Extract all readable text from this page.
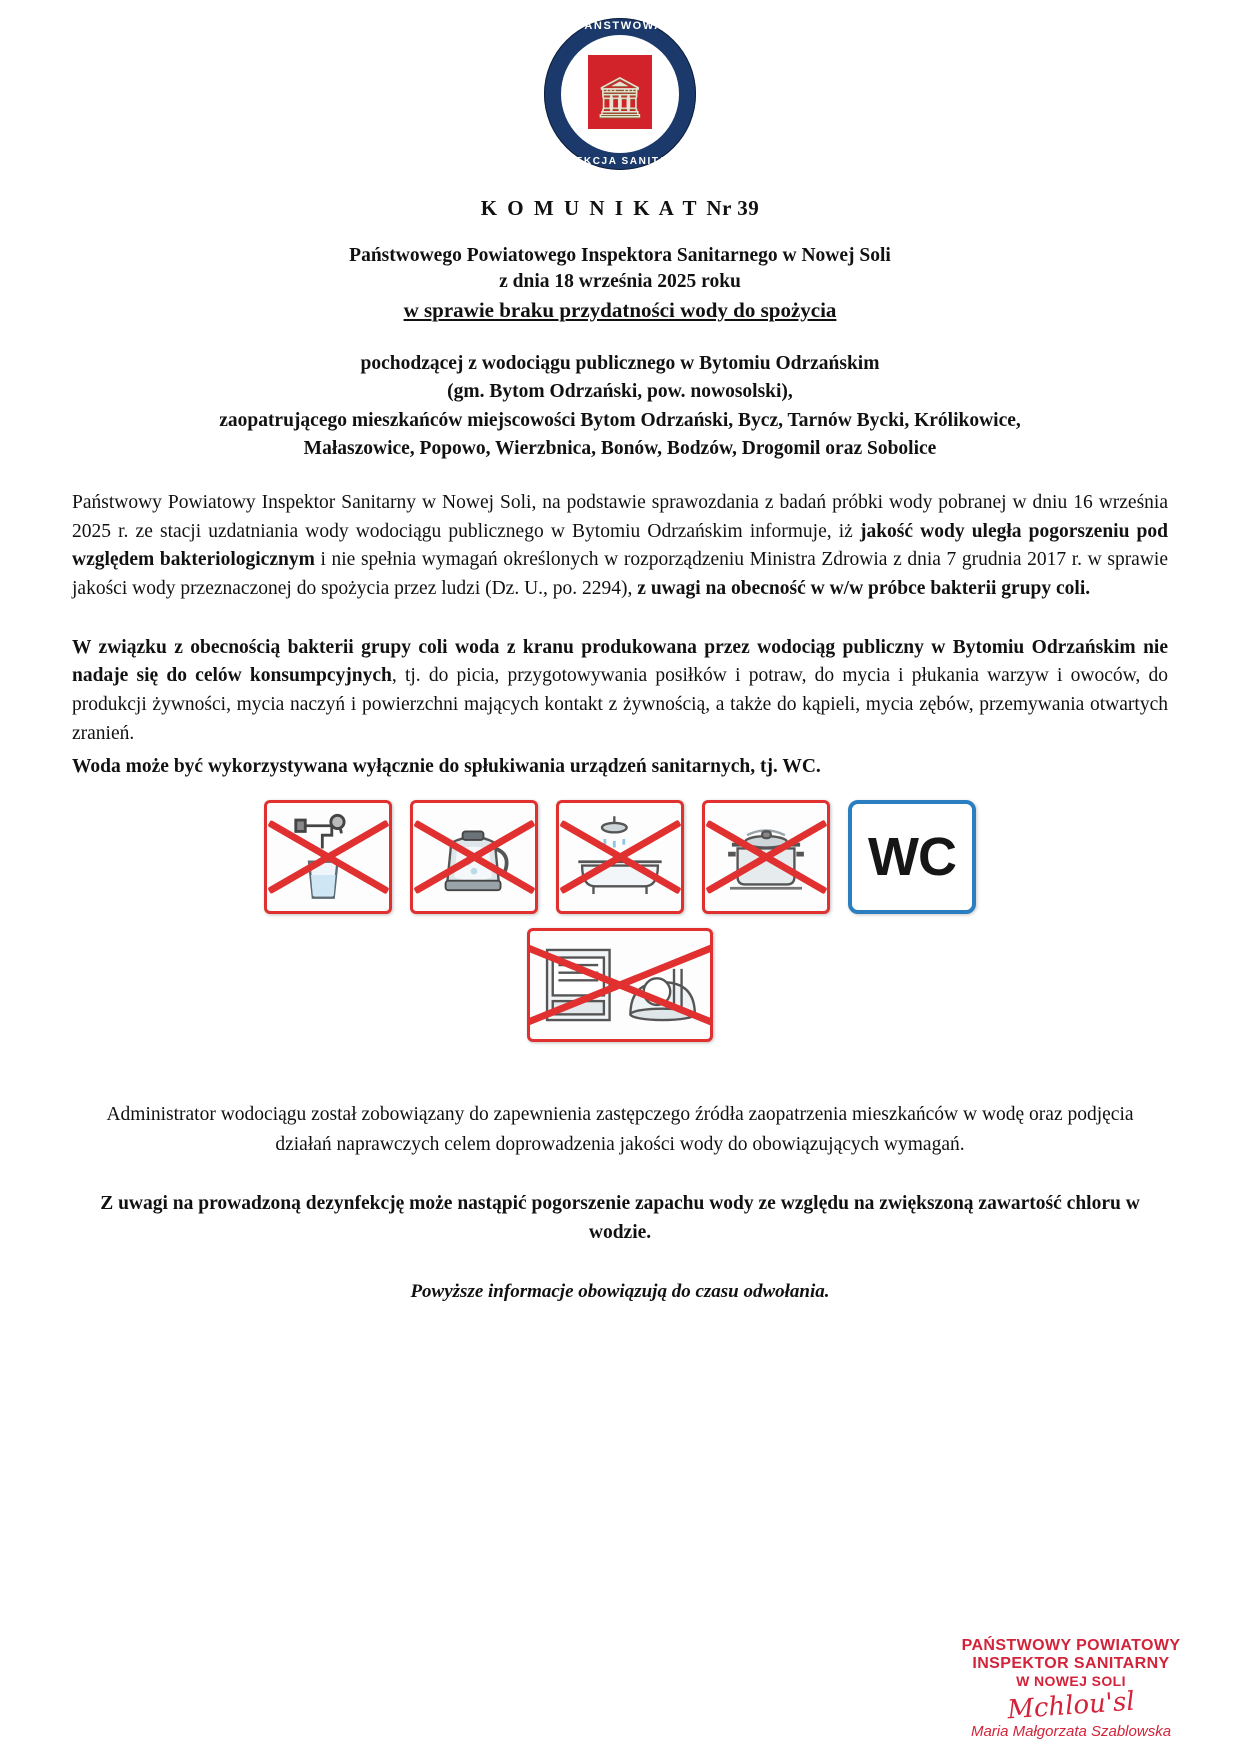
🏛
PAŃSTWOWA
INSPEKCJA SANITARNA
K O M U N I K A T Nr 39
Państwowego Powiatowego Inspektora Sanitarnego w Nowej Soli
z dnia 18 września 2025 roku
w sprawie braku przydatności wody do spożycia
pochodzącej z wodociągu publicznego w Bytomiu Odrzańskim
(gm. Bytom Odrzański, pow. nowosolski),
zaopatrującego mieszkańców miejscowości Bytom Odrzański, Bycz, Tarnów Bycki, Królikowice,
Małaszowice, Popowo, Wierzbnica, Bonów, Bodzów, Drogomil oraz Sobolice
Państwowy Powiatowy Inspektor Sanitarny w Nowej Soli, na podstawie sprawozdania z badań próbki wody pobranej w dniu 16 września 2025 r. ze stacji uzdatniania wody wodociągu publicznego w Bytomiu Odrzańskim informuje, iż jakość wody uległa pogorszeniu pod względem bakteriologicznym i nie spełnia wymagań określonych w rozporządzeniu Ministra Zdrowia z dnia 7 grudnia 2017 r. w sprawie jakości wody przeznaczonej do spożycia przez ludzi (Dz. U., po. 2294), z uwagi na obecność w w/w próbce bakterii grupy coli.
W związku z obecnością bakterii grupy coli woda z kranu produkowana przez wodociąg publiczny w Bytomiu Odrzańskim nie nadaje się do celów konsumpcyjnych, tj. do picia, przygotowywania posiłków i potraw, do mycia i płukania warzyw i owoców, do produkcji żywności, mycia naczyń i powierzchni mających kontakt z żywnością, a także do kąpieli, mycia zębów, przemywania otwartych zranień.
Woda może być wykorzystywana wyłącznie do spłukiwania urządzeń sanitarnych, tj. WC.
WC
Administrator wodociągu został zobowiązany do zapewnienia zastępczego źródła zaopatrzenia mieszkańców w wodę oraz podjęcia działań naprawczych celem doprowadzenia jakości wody do obowiązujących wymagań.
Z uwagi na prowadzoną dezynfekcję może nastąpić pogorszenie zapachu wody ze względu na zwiększoną zawartość chloru w wodzie.
Powyższe informacje obowiązują do czasu odwołania.
PAŃSTWOWY POWIATOWY
INSPEKTOR SANITARNY
W NOWEJ SOLI
Mchlou'sl
Maria Małgorzata Szablowska
